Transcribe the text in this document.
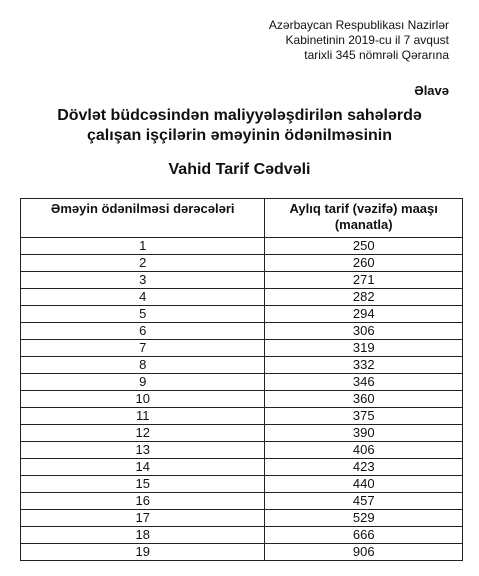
Azərbaycan Respublikası Nazirlər
Kabinetinin 2019-cu il 7 avqust
tarixli 345 nömrəli Qərarına
Əlavə
Dövlət büdcəsindən maliyyələşdirilən sahələrdə
çalışan işçilərin əməyinin ödənilməsinin
Vahid Tarif Cədvəli
Əməyin ödənilməsi dərəcələri	Aylıq tarif (vəzifə) maaşı (manatla)
1	250
2	260
3	271
4	282
5	294
6	306
7	319
8	332
9	346
10	360
11	375
12	390
13	406
14	423
15	440
16	457
17	529
18	666
19	906
